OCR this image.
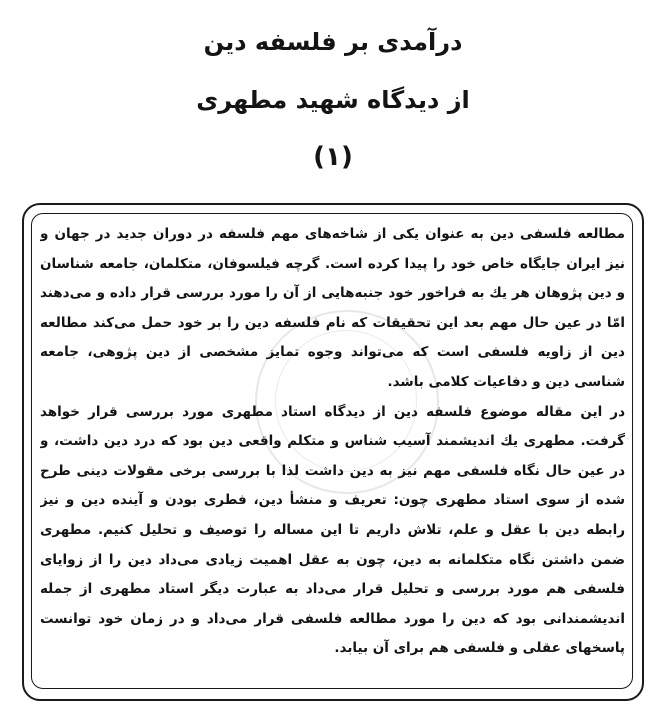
درآمدی بر فلسفه دین
از دیدگاه شهید مطهری
(۱)

مطالعه فلسفی دین به عنوان یکی از شاخه‌های مهم فلسفه در دوران جدید در جهان و نیز ایران جایگاه خاص خود را پیدا کرده است. گرچه فیلسوفان، متکلمان، جامعه شناسان و دین پژوهان هر یك به فراخور خود جنبه‌هایی از آن را مورد بررسی قرار داده و می‌دهند امّا در عین حال مهم بعد این تحقیقات که نام فلسفه دین را بر خود حمل می‌کند مطالعه دین از زاویه فلسفی است که می‌تواند وجوه تمایز مشخصی از دین پژوهی، جامعه شناسی دین و دفاعیات کلامی باشد.

در این مقاله موضوع فلسفه دین از دیدگاه استاد مطهری مورد بررسی قرار خواهد گرفت. مطهری یك اندیشمند آسیب شناس و متکلم واقعی دین بود که درد دین داشت، و در عین حال نگاه فلسفی مهم نیز به دین داشت لذا با بررسی برخی مقولات دینی طرح شده از سوی استاد مطهری چون: تعریف و منشأ دین، فطری بودن و آینده دین و نیز رابطه دین با عقل و علم، تلاش داریم تا این مساله را توصیف و تحلیل کنیم. مطهری ضمن داشتن نگاه متکلمانه به دین، چون به عقل اهمیت زیادی می‌داد دین را از زوایای فلسفی هم مورد بررسی و تحلیل قرار می‌داد به عبارت دیگر استاد مطهری از جمله اندیشمندانی بود که دین را مورد مطالعه فلسفی قرار می‌داد و در زمان خود توانست پاسخهای عقلی و فلسفی هم برای آن بیابد.
